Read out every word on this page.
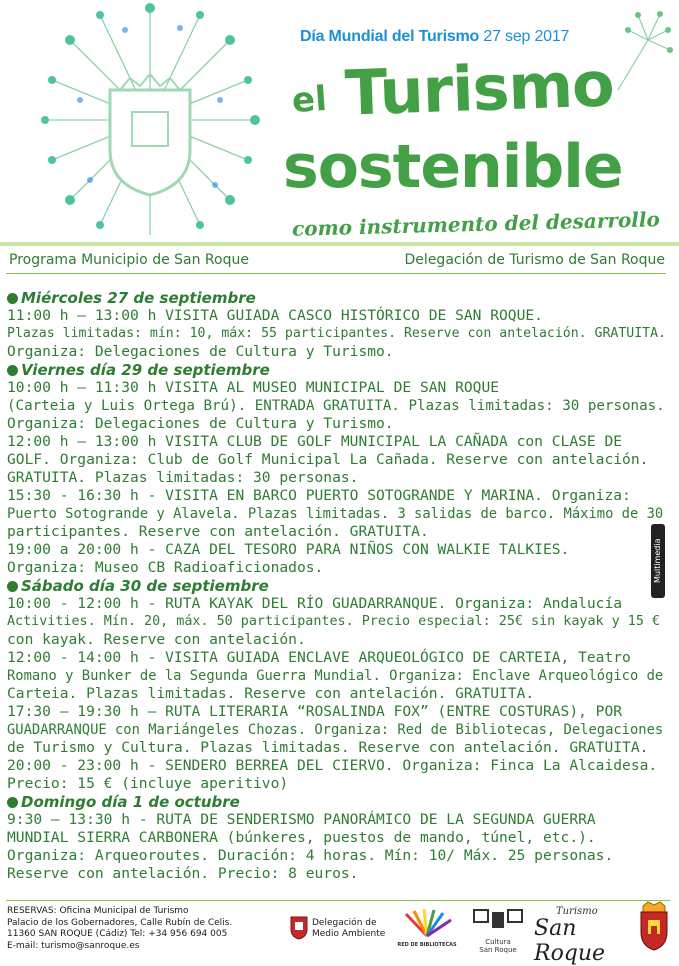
Día Mundial del Turismo 27 sep 2017
el Turismo
sostenible
como instrumento del desarrollo
Programa Municipio de San Roque	Delegación de Turismo de San Roque
Miércoles 27 de septiembre
11:00 h – 13:00 h VISITA GUIADA CASCO HISTÓRICO DE SAN ROQUE.
Plazas limitadas: mín: 10, máx: 55 participantes. Reserve con antelación. GRATUITA.
Organiza: Delegaciones de Cultura y Turismo.
Viernes día 29 de septiembre
10:00 h – 11:30 h VISITA AL MUSEO MUNICIPAL DE SAN ROQUE
(Carteia y Luis Ortega Brú). ENTRADA GRATUITA. Plazas limitadas: 30 personas.
Organiza: Delegaciones de Cultura y Turismo.
12:00 h – 13:00 h VISITA CLUB DE GOLF MUNICIPAL LA CAÑADA con CLASE DE
GOLF. Organiza: Club de Golf Municipal La Cañada. Reserve con antelación.
GRATUITA. Plazas limitadas: 30 personas.
15:30 - 16:30 h - VISITA EN BARCO PUERTO SOTOGRANDE Y MARINA. Organiza:
Puerto Sotogrande y Alavela. Plazas limitadas. 3 salidas de barco. Máximo de 30
participantes. Reserve con antelación. GRATUITA.
19:00 a 20:00 h - CAZA DEL TESORO PARA NIÑOS CON WALKIE TALKIES.
Organiza: Museo CB Radioaficionados.
Sábado día 30 de septiembre
10:00 - 12:00 h - RUTA KAYAK DEL RÍO GUADARRANQUE. Organiza: Andalucía
Activities. Mín. 20, máx. 50 participantes. Precio especial: 25€ sin kayak y 15 €
con kayak. Reserve con antelación.
12:00 - 14:00 h - VISITA GUIADA ENCLAVE ARQUEOLÓGICO DE CARTEIA, Teatro
Romano y Bunker de la Segunda Guerra Mundial. Organiza: Enclave Arqueológico de
Carteia. Plazas limitadas. Reserve con antelación. GRATUITA.
17:30 – 19:30 h – RUTA LITERARIA “ROSALINDA FOX” (ENTRE COSTURAS), POR
GUADARRANQUE con Mariángeles Chozas. Organiza: Red de Bibliotecas, Delegaciones
de Turismo y Cultura. Plazas limitadas. Reserve con antelación. GRATUITA.
20:00 - 23:00 h - SENDERO BERREA DEL CIERVO. Organiza: Finca La Alcaidesa.
Precio: 15 € (incluye aperitivo)
Domingo día 1 de octubre
9:30 – 13:30 h - RUTA DE SENDERISMO PANORÁMICO DE LA SEGUNDA GUERRA
MUNDIAL SIERRA CARBONERA (búnkeres, puestos de mando, túnel, etc.).
Organiza: Arqueoroutes. Duración: 4 horas. Mín: 10/ Máx. 25 personas.
Reserve con antelación. Precio: 8 euros.
Multimedia
RESERVAS: Oficina Municipal de Turismo
Palacio de los Gobernadores, Calle Rubín de Celis.
11360 SAN ROQUE (Cádiz) Tel: +34 956 694 005
E-mail: turismo@sanroque.es
Delegación de
Medio Ambiente
RED DE BIBLIOTECAS	Cultura
San Roque
Turismo
San Roque
